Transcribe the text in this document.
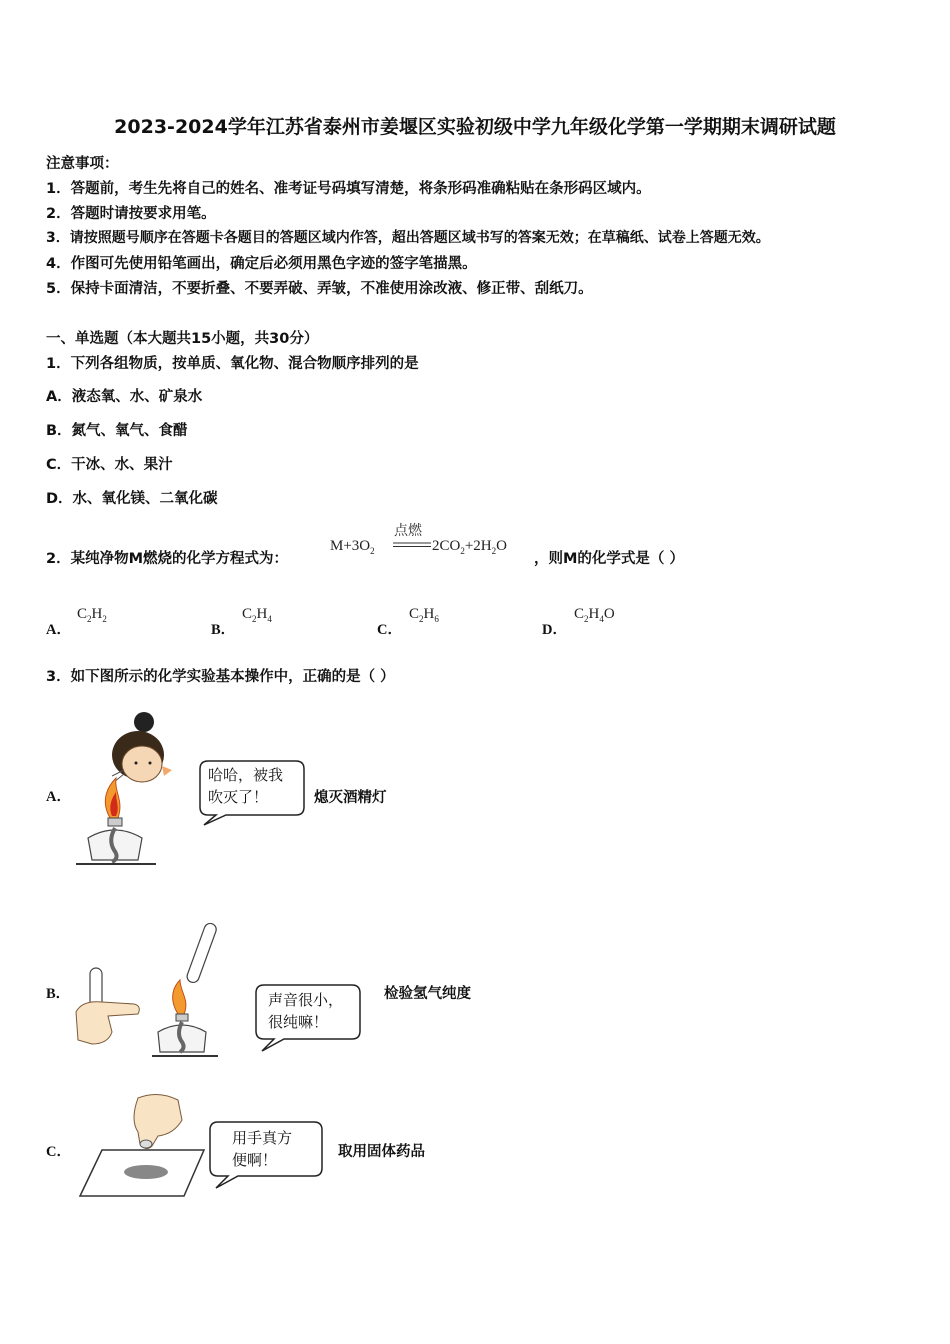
2023-2024学年江苏省泰州市姜堰区实验初级中学九年级化学第一学期期末调研试题
注意事项：
1．答题前，考生先将自己的姓名、准考证号码填写清楚，将条形码准确粘贴在条形码区域内。
2．答题时请按要求用笔。
3．请按照题号顺序在答题卡各题目的答题区域内作答，超出答题区域书写的答案无效；在草稿纸、试卷上答题无效。
4．作图可先使用铅笔画出，确定后必须用黑色字迹的签字笔描黑。
5．保持卡面清洁，不要折叠、不要弄破、弄皱，不准使用涂改液、修正带、刮纸刀。
一、单选题（本大题共15小题，共30分）
1．下列各组物质，按单质、氧化物、混合物顺序排列的是
A．液态氧、水、矿泉水
B．氮气、氧气、食醋
C．干冰、水、果汁
D．水、氧化镁、二氧化碳
2．某纯净物M燃烧的化学方程式为：
$M+3O_2$
点燃
$2CO_2+2H_2O$
，则M的化学式是（ ）
A．
$C_2H_2$
B．
$C_2H_4$
C．
$C_2H_6$
D．
$C_2H_4O$
3．如下图所示的化学实验基本操作中，正确的是（ ）
A．
哈哈，被我
吹灭了！	熄灭酒精灯
B．	声音很小，
很纯嘛！
检验氢气纯度
C．
用手真方
便啊！	取用固体药品
